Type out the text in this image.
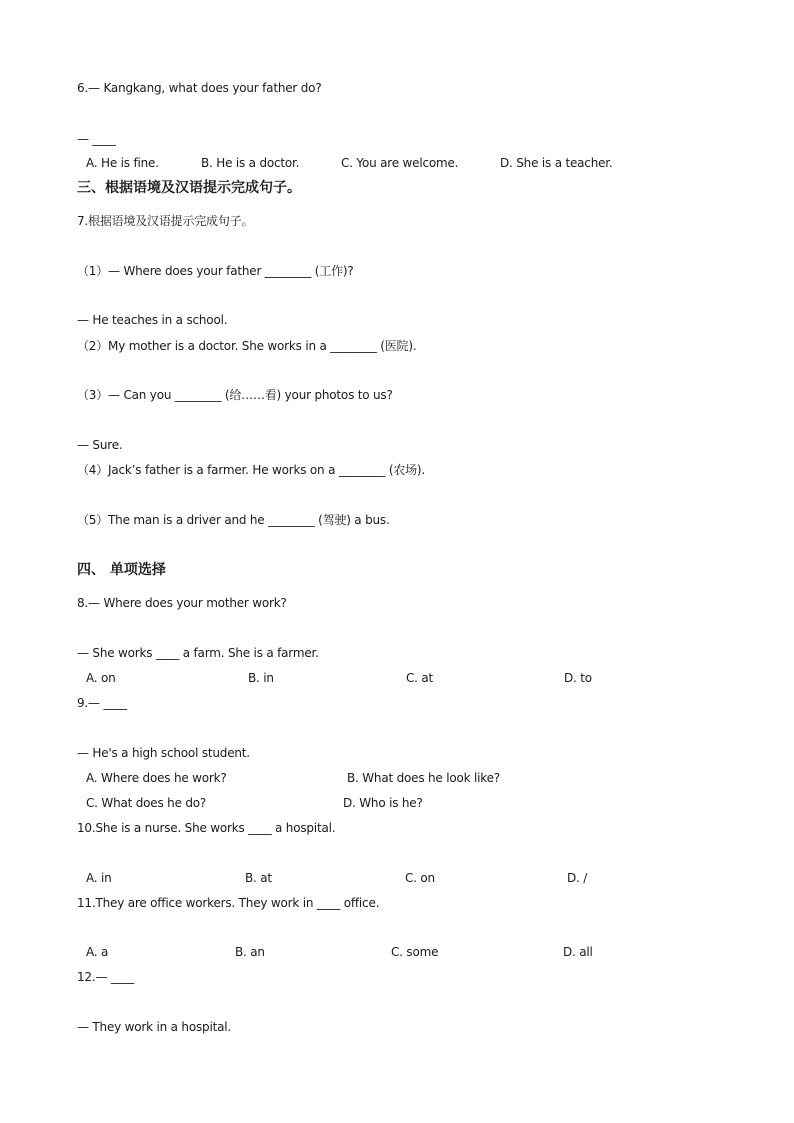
6.— Kangkang, what does your father do?
— ____
A. He is fine.	B. He is a doctor.	C. You are welcome.	D. She is a teacher.
三、根据语境及汉语提示完成句子。
7.根据语境及汉语提示完成句子。
（1）— Where does your father ________ (工作)?
— He teaches in a school.
（2）My mother is a doctor. She works in a ________ (医院).
（3）— Can you ________ (给……看) your photos to us?
— Sure.
（4）Jack’s father is a farmer. He works on a ________ (农场).
（5）The man is a driver and he ________ (驾驶) a bus.
四、 单项选择
8.— Where does your mother work?
— She works ____ a farm. She is a farmer.
A. on	B. in	C. at	D. to
9.— ____
— He's a high school student.
A. Where does he work?	B. What does he look like?
C. What does he do?	D. Who is he?
10.She is a nurse. She works ____ a hospital.
A. in	B. at	C. on	D. /
11.They are office workers. They work in ____ office.
A. a	B. an	C. some	D. all
12.— ____
— They work in a hospital.
